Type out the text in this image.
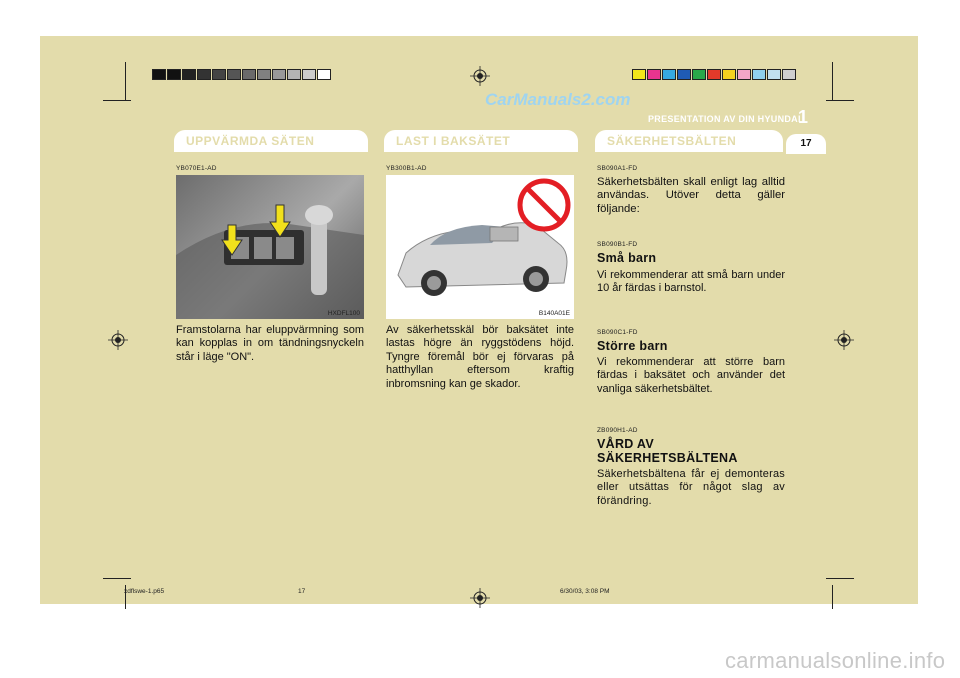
CarManuals2.com
PRESENTATION AV DIN HYUNDAI
1
UPPVÄRMDA SÄTEN	LAST I BAKSÄTET	SÄKERHETSBÄLTEN	17
YB070E1-AD
HXDFL100
Framstolarna har eluppvärmning som kan kopplas in om tändningsnyckeln står i läge "ON".
YB300B1-AD
B140A01E
Av säkerhetsskäl bör baksätet inte lastas högre än ryggstödens höjd. Tyngre föremål bör ej förvaras på hatthyllan eftersom kraftig inbromsning kan ge skador.
SB090A1-FD
Säkerhetsbälten skall enligt lag alltid användas. Utöver detta gäller följande:
SB090B1-FD
Små barn
Vi rekommenderar att små barn under 10 år färdas i barnstol.
SB090C1-FD
Större barn
Vi rekommenderar att större barn färdas i baksätet och använder det vanliga säkerhetsbältet.
ZB090H1-AD
VÅRD AV SÄKERHETSBÄLTENA
Säkerhetsbältena får ej demonteras eller utsättas för något slag av förändring.
xdflswe-1.p65	17	6/30/03, 3:08 PM
carmanualsonline.info
